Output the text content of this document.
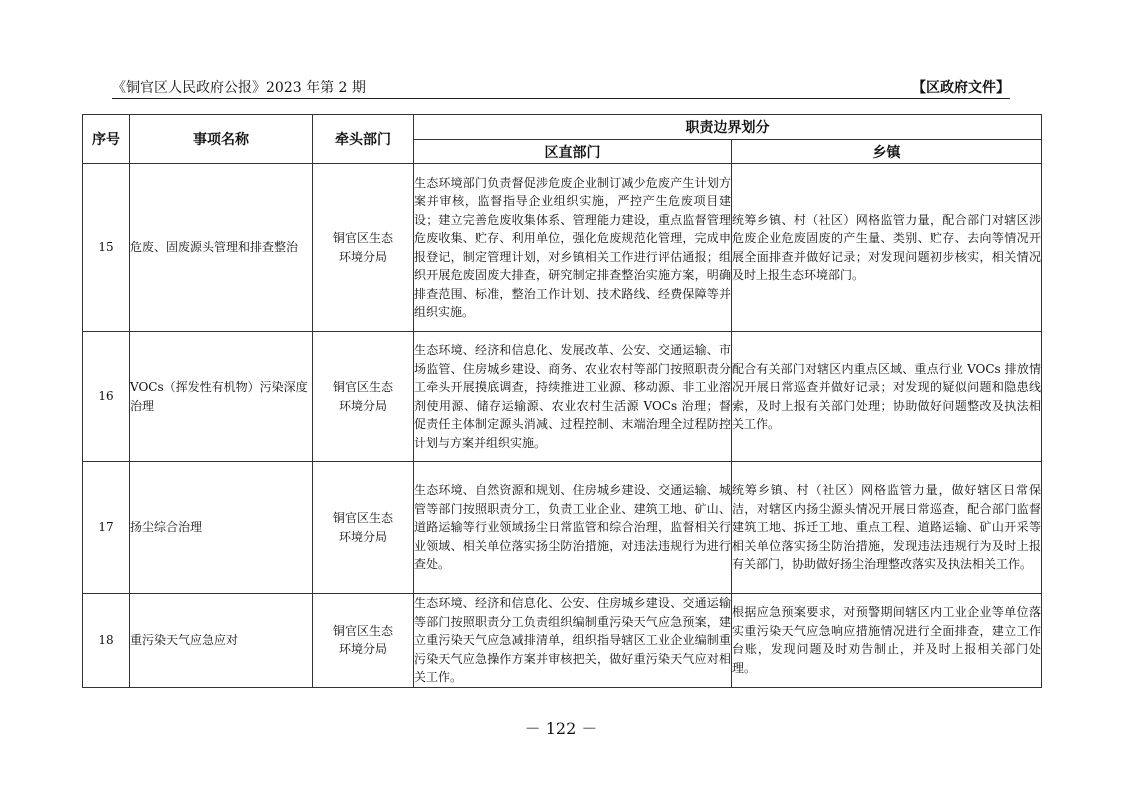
《铜官区人民政府公报》2023 年第 2 期	【区政府文件】
序号	事项名称	牵头部门	职责边界划分	
			区直部门	乡镇
15	危废、固废源头管理和排查整治	铜官区生态
环境分局	生态环境部门负责督促涉危废企业制订减少危废产生计划方案并审核，监督指导企业组织实施，严控产生危废项目建设；建立完善危废收集体系、管理能力建设，重点监督管理危废收集、贮存、利用单位，强化危废规范化管理，完成申报登记，制定管理计划，对乡镇相关工作进行评估通报；组织开展危废固废大排查，研究制定排查整治实施方案，明确排查范围、标准，整治工作计划、技术路线、经费保障等并组织实施。	统筹乡镇、村（社区）网格监管力量，配合部门对辖区涉危废企业危废固废的产生量、类别、贮存、去向等情况开展全面排查并做好记录；对发现问题初步核实，相关情况及时上报生态环境部门。
16	VOCs（挥发性有机物）污染深度治理	铜官区生态
环境分局	生态环境、经济和信息化、发展改革、公安、交通运输、市场监管、住房城乡建设、商务、农业农村等部门按照职责分工牵头开展摸底调查，持续推进工业源、移动源、非工业溶剂使用源、储存运输源、农业农村生活源 VOCs 治理；督促责任主体制定源头消减、过程控制、末端治理全过程防控计划与方案并组织实施。	配合有关部门对辖区内重点区域、重点行业 VOCs 排放情况开展日常巡查并做好记录；对发现的疑似问题和隐患线索，及时上报有关部门处理；协助做好问题整改及执法相关工作。
17	扬尘综合治理	铜官区生态
环境分局	生态环境、自然资源和规划、住房城乡建设、交通运输、城管等部门按照职责分工，负责工业企业、建筑工地、矿山、道路运输等行业领域扬尘日常监管和综合治理，监督相关行业领域、相关单位落实扬尘防治措施，对违法违规行为进行查处。	统筹乡镇、村（社区）网格监管力量，做好辖区日常保洁，对辖区内扬尘源头情况开展日常巡查，配合部门监督建筑工地、拆迁工地、重点工程、道路运输、矿山开采等相关单位落实扬尘防治措施，发现违法违规行为及时上报有关部门，协助做好扬尘治理整改落实及执法相关工作。
18	重污染天气应急应对	铜官区生态
环境分局	生态环境、经济和信息化、公安、住房城乡建设、交通运输等部门按照职责分工负责组织编制重污染天气应急预案，建立重污染天气应急减排清单，组织指导辖区工业企业编制重污染天气应急操作方案并审核把关，做好重污染天气应对相关工作。	根据应急预案要求，对预警期间辖区内工业企业等单位落实重污染天气应急响应措施情况进行全面排查，建立工作台账，发现问题及时劝告制止，并及时上报相关部门处理。
－ 122 －
